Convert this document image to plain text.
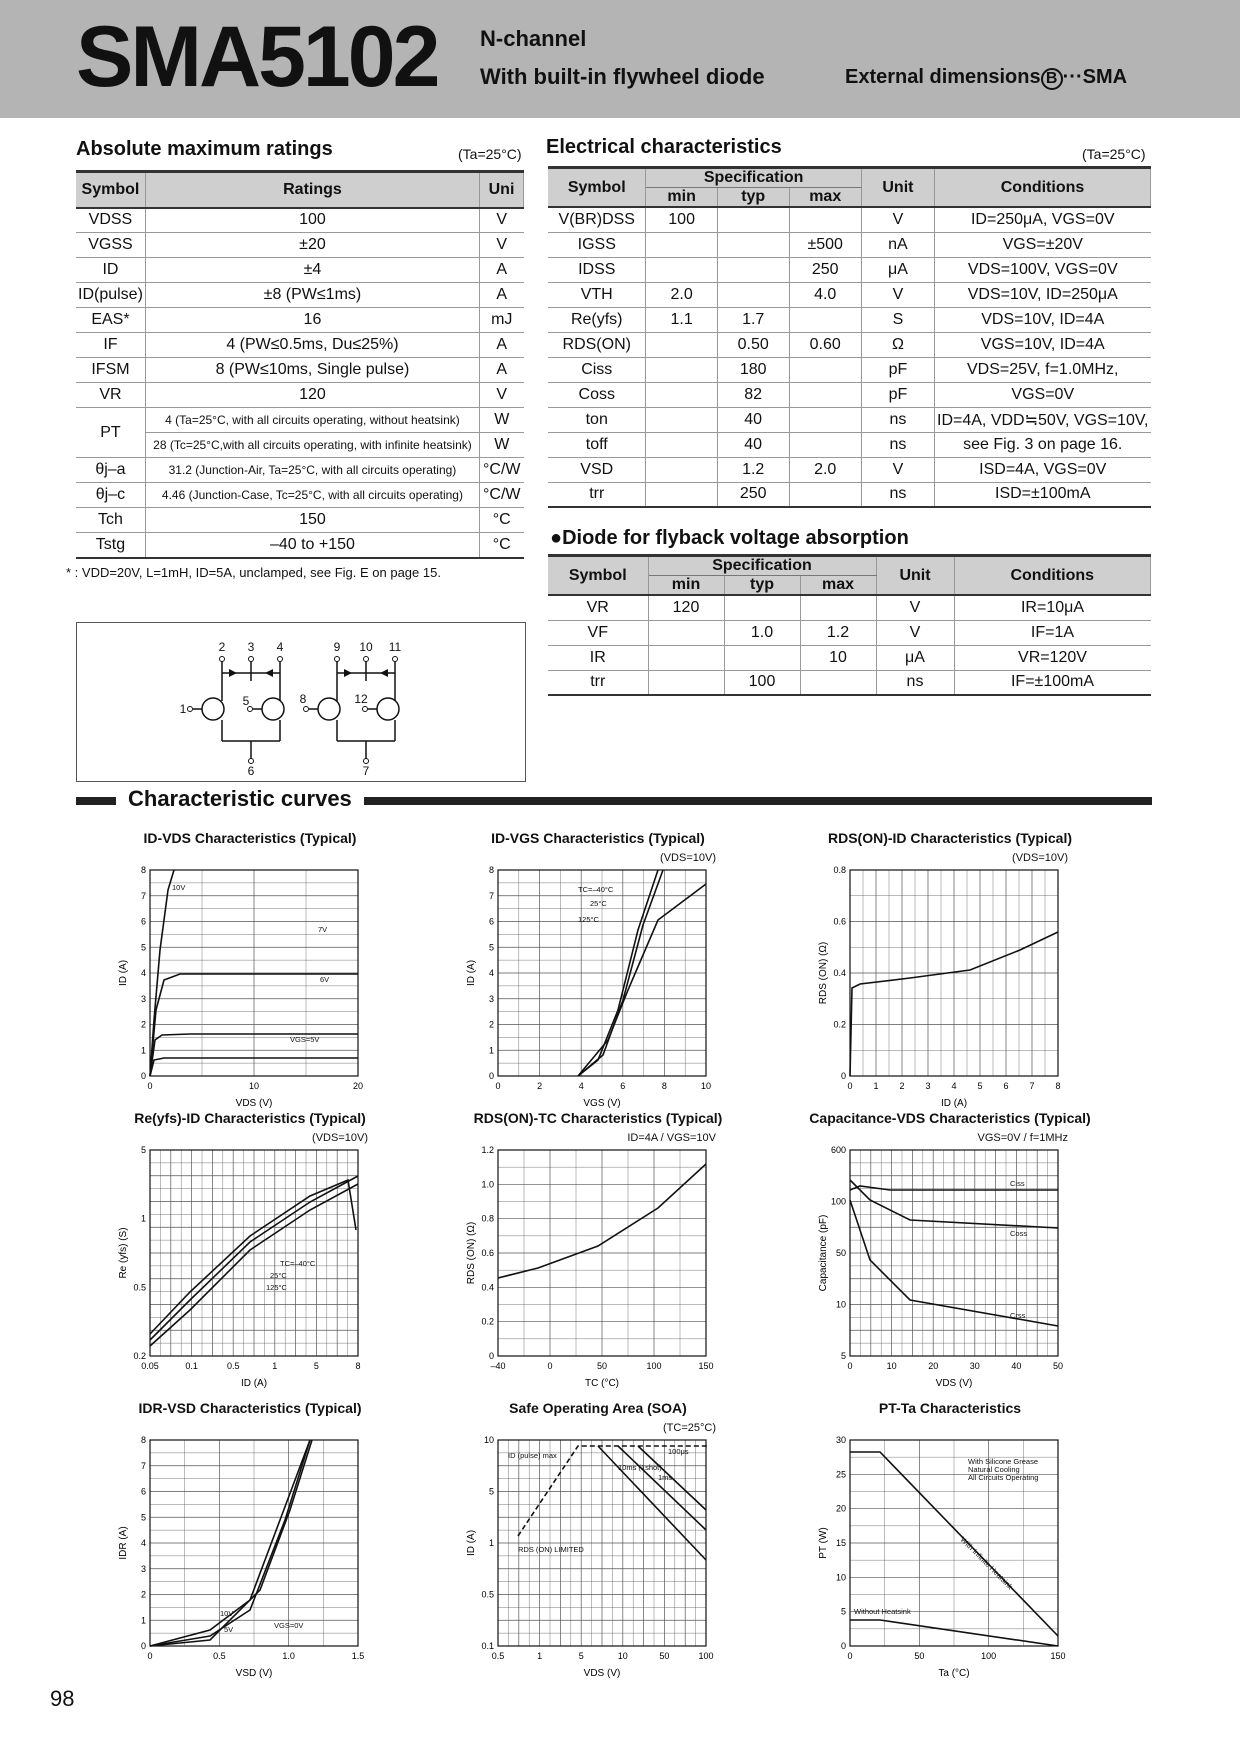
SMA5102 N-channel
With built-in flywheel diode	External dimensions B ···SMA
Absolute maximum ratings	(Ta=25°C)
Symbol	Ratings	Uni
VDSS	100	V
VGSS	±20	V
ID	±4	A
ID(pulse)	±8 (PW≤1ms)	A
EAS*	16	mJ
IF	4 (PW≤0.5ms, Du≤25%)	A
IFSM	8 (PW≤10ms, Single pulse)	A
VR	120	V
PT	4 (Ta=25°C, with all circuits operating, without heatsink)	W
	28 (Tc=25°C,with all circuits operating, with infinite heatsink)	W
θj–a	31.2 (Junction-Air, Ta=25°C, with all circuits operating)	°C/W
θj–c	4.46 (Junction-Case, Tc=25°C, with all circuits operating)	°C/W
Tch	150	°C
Tstg	–40 to +150	°C
* : VDD=20V, L=1mH, ID=5A, unclamped, see Fig. E on page 15.
2 3 4	9 10 11
1
5	8	12
6	7
Electrical characteristics	(Ta=25°C)
Symbol	Specification			Unit	Conditions
	min	typ	max		
V(BR)DSS	100			V	ID=250μA, VGS=0V
IGSS			±500	nA	VGS=±20V
IDSS			250	μA	VDS=100V, VGS=0V
VTH	2.0		4.0	V	VDS=10V, ID=250μA
Re(yfs)	1.1	1.7		S	VDS=10V, ID=4A
RDS(ON)		0.50	0.60	Ω	VGS=10V, ID=4A
Ciss		180		pF	VDS=25V, f=1.0MHz,
Coss		82		pF	VGS=0V
ton		40		ns	ID=4A, VDD≒50V, VGS=10V,
toff		40		ns	see Fig. 3 on page 16.
VSD		1.2	2.0	V	ISD=4A, VGS=0V
trr		250		ns	ISD=±100mA
●Diode for flyback voltage absorption
Symbol	Specification			Unit	Conditions
	min	typ	max		
VR	120			V	IR=10μA
VF		1.0	1.2	V	IF=1A
IR			10	μA	VR=120V
trr		100		ns	IF=±100mA
Characteristic curves
ID-VDS Characteristics (Typical)
0	10	20
0
1
2
3
4
5
6
7
8
VDS (V)
ID (A)
10V
7V
6V
VGS=5V
ID-VGS Characteristics (Typical)
(VDS=10V)
0	2	4	6	8	10
0
1
2
3
4
5
6
7
8
VGS (V)
ID (A)
TC=–40°C
25°C
125°C
RDS(ON)-ID Characteristics (Typical)
(VDS=10V)
0 1 2 3 4 5 6 7 8
0
0.2
0.4
0.6
0.8
ID (A)
RDS (ON) (Ω)
Re(yfs)-ID Characteristics (Typical)
(VDS=10V)
0.05	0.1	0.5	1	5	8
0.2
0.5
1
5
ID (A)
Re (yfs) (S)	TC=–40°C
25°C
125°C
RDS(ON)-TC Characteristics (Typical)
ID=4A / VGS=10V
–40	0	50	100	150
0
0.2
0.4
0.6
0.8
1.0
1.2
TC (°C)
RDS (ON) (Ω)
Capacitance-VDS Characteristics (Typical)
VGS=0V / f=1MHz
0	10	20	30	40	50
5
10
50
100
600
VDS (V)
Capacitance (pF)
Ciss
Coss
Crss
IDR-VSD Characteristics (Typical)
0	0.5	1.0	1.5
0
1
2
3
4
5
6
7
8
VSD (V)
IDR (A)
10V
VGS=0V
5V
Safe Operating Area (SOA)
(TC=25°C)
0.5	1	5	10	50	100
0.1
0.5
1
5
10
VDS (V)
ID (A)
ID (pulse) max
RDS (ON) LIMITED
100μs
1ms
10ms (1shot)
PT-Ta Characteristics
0	50	100	150
0
5
10
15
20
25
30
Ta (°C)
PT (W)
With Silicone Grease
Natural Cooling
All Circuits Operating
With Infinite Heatsink
Without Heatsink
98
